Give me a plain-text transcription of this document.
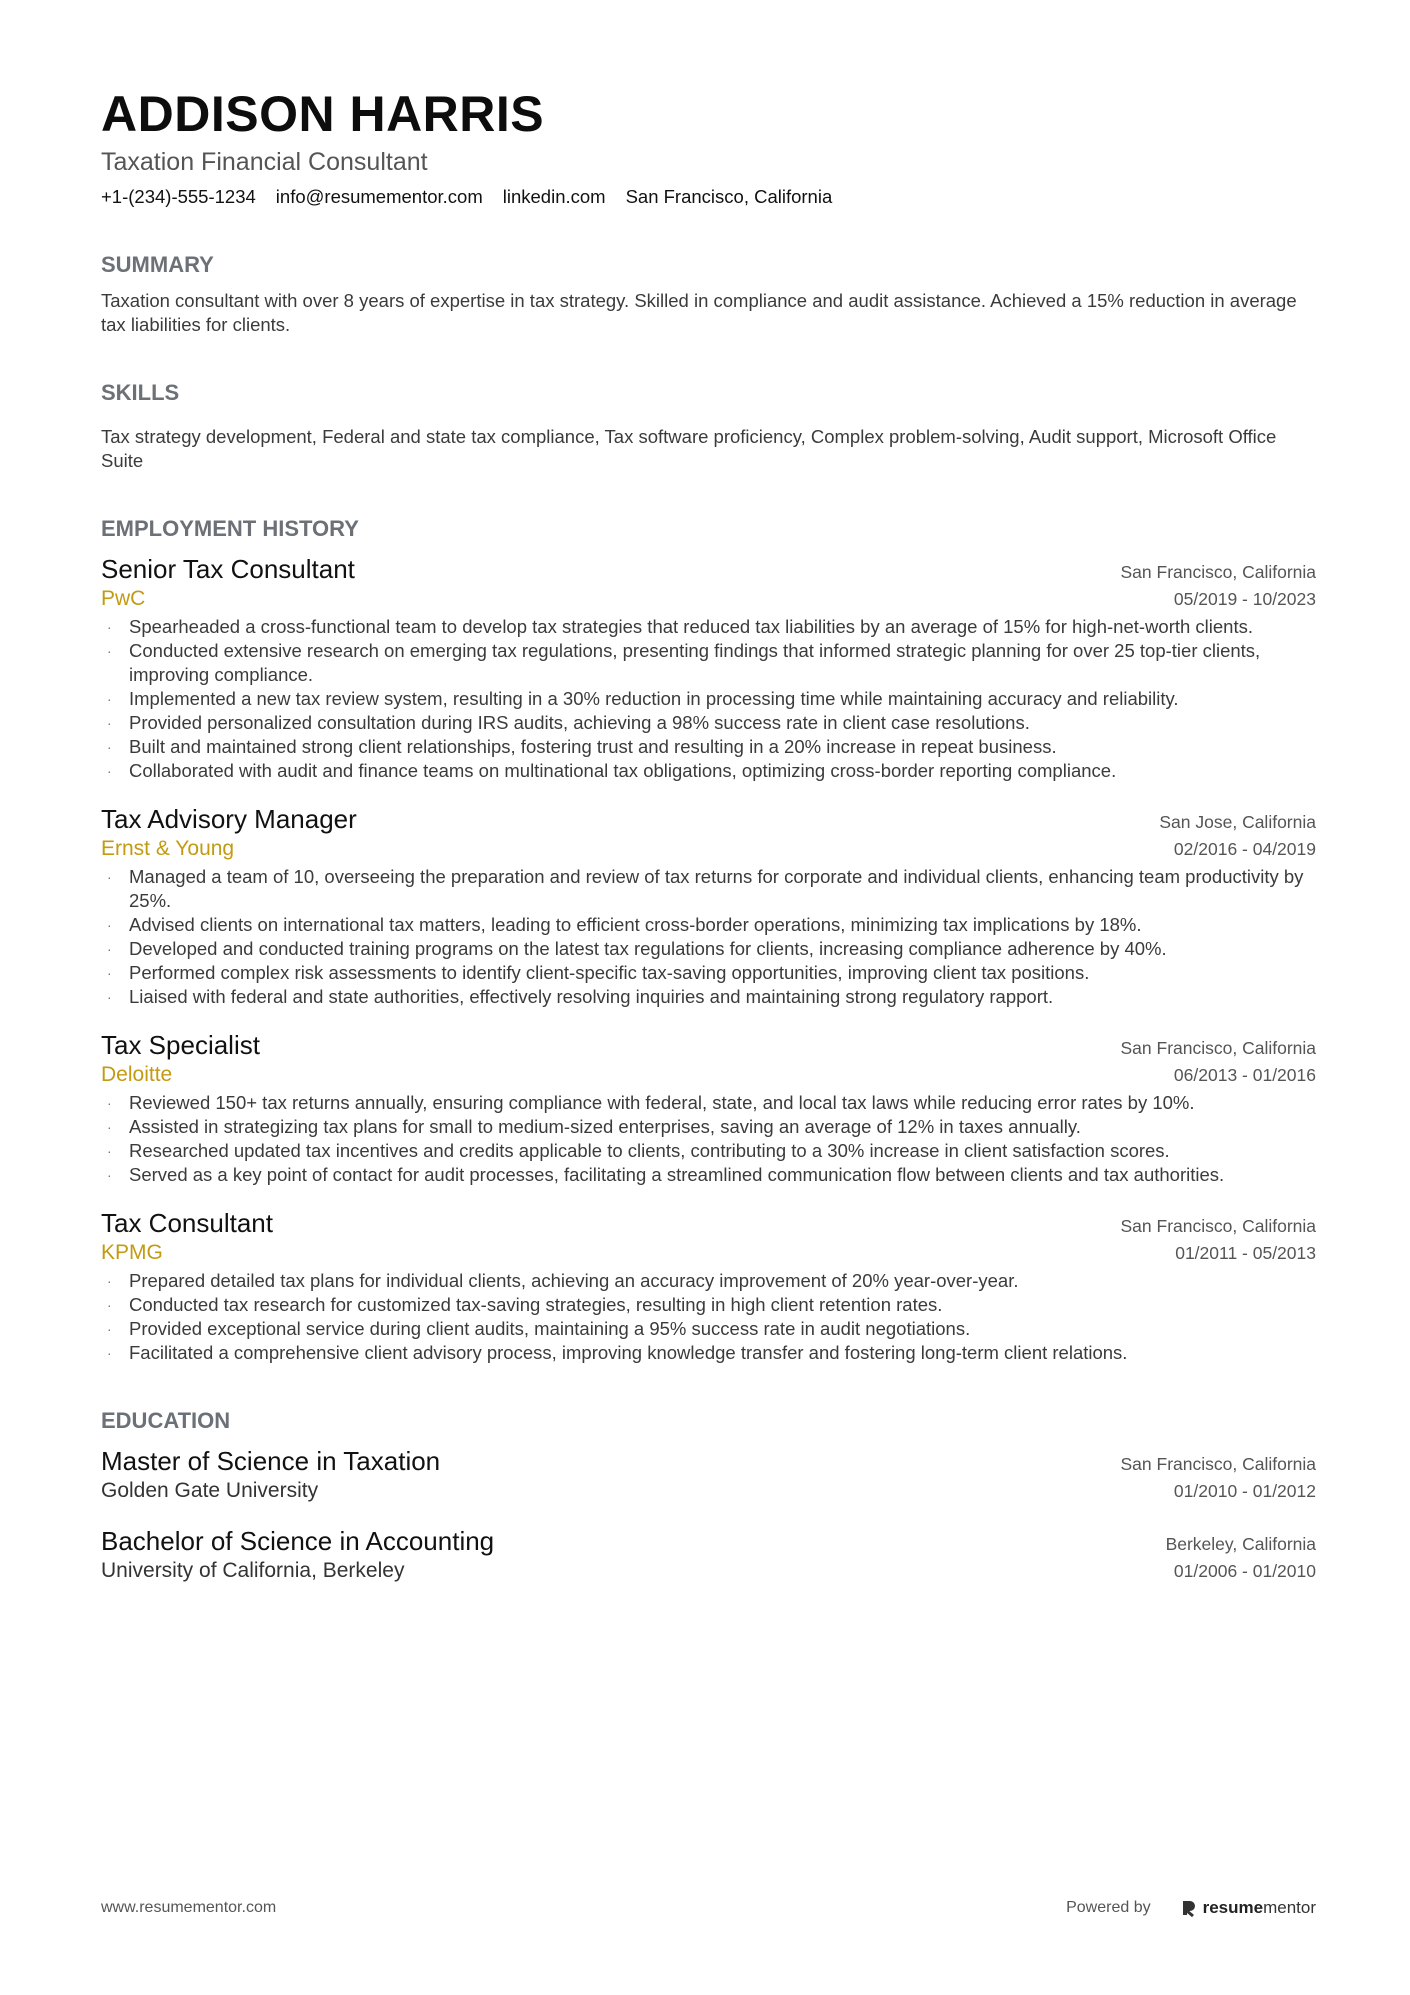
ADDISON HARRIS
Taxation Financial Consultant
+1-(234)-555-1234 info@resumementor.com linkedin.com San Francisco, California
SUMMARY

Taxation consultant with over 8 years of expertise in tax strategy. Skilled in compliance and audit assistance. Achieved a 15% reduction in average tax liabilities for clients.

SKILLS

Tax strategy development, Federal and state tax compliance, Tax software proficiency, Complex problem-solving, Audit support, Microsoft Office Suite

EMPLOYMENT HISTORY
Senior Tax Consultant	San Francisco, California
PwC	05/2019 - 10/2023
· Spearheaded a cross-functional team to develop tax strategies that reduced tax liabilities by an average of 15% for high-net-worth clients.
· Conducted extensive research on emerging tax regulations, presenting findings that informed strategic planning for over 25 top-tier clients, improving compliance.
· Implemented a new tax review system, resulting in a 30% reduction in processing time while maintaining accuracy and reliability.
· Provided personalized consultation during IRS audits, achieving a 98% success rate in client case resolutions.
· Built and maintained strong client relationships, fostering trust and resulting in a 20% increase in repeat business.
· Collaborated with audit and finance teams on multinational tax obligations, optimizing cross-border reporting compliance.
Tax Advisory Manager	San Jose, California
Ernst & Young	02/2016 - 04/2019
· Managed a team of 10, overseeing the preparation and review of tax returns for corporate and individual clients, enhancing team productivity by 25%.
· Advised clients on international tax matters, leading to efficient cross-border operations, minimizing tax implications by 18%.
· Developed and conducted training programs on the latest tax regulations for clients, increasing compliance adherence by 40%.
· Performed complex risk assessments to identify client-specific tax-saving opportunities, improving client tax positions.
· Liaised with federal and state authorities, effectively resolving inquiries and maintaining strong regulatory rapport.
Tax Specialist	San Francisco, California
Deloitte	06/2013 - 01/2016
· Reviewed 150+ tax returns annually, ensuring compliance with federal, state, and local tax laws while reducing error rates by 10%.
· Assisted in strategizing tax plans for small to medium-sized enterprises, saving an average of 12% in taxes annually.
· Researched updated tax incentives and credits applicable to clients, contributing to a 30% increase in client satisfaction scores.
· Served as a key point of contact for audit processes, facilitating a streamlined communication flow between clients and tax authorities.
Tax Consultant	San Francisco, California
KPMG	01/2011 - 05/2013
· Prepared detailed tax plans for individual clients, achieving an accuracy improvement of 20% year-over-year.
· Conducted tax research for customized tax-saving strategies, resulting in high client retention rates.
· Provided exceptional service during client audits, maintaining a 95% success rate in audit negotiations.
· Facilitated a comprehensive client advisory process, improving knowledge transfer and fostering long-term client relations.
EDUCATION
Master of Science in Taxation	San Francisco, California
Golden Gate University	01/2010 - 01/2012
Bachelor of Science in Accounting	Berkeley, California
University of California, Berkeley	01/2006 - 01/2010
www.resumementor.com	Powered by	resumementor
